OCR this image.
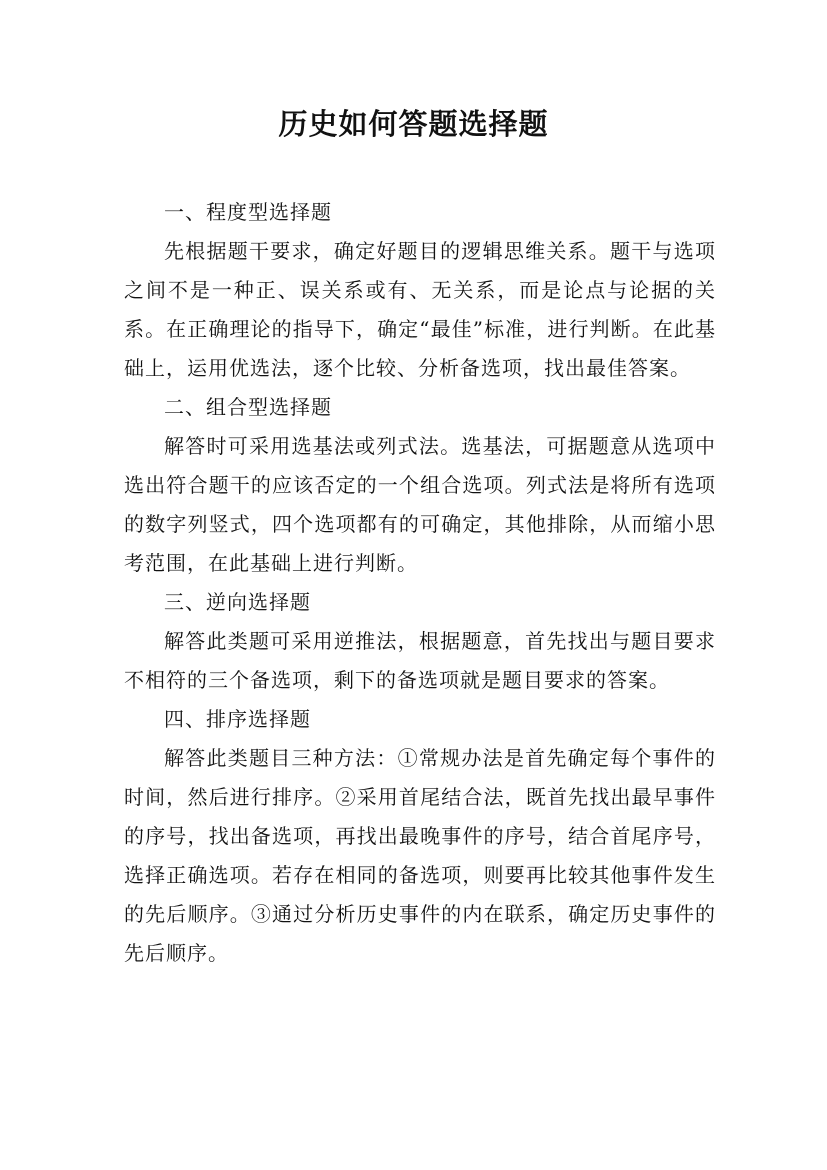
历史如何答题选择题

一、程度型选择题

先根据题干要求，确定好题目的逻辑思维关系。题干与选项之间不是一种正、误关系或有、无关系，而是论点与论据的关系。在正确理论的指导下，确定“最佳”标准，进行判断。在此基础上，运用优选法，逐个比较、分析备选项，找出最佳答案。

二、组合型选择题

解答时可采用选基法或列式法。选基法，可据题意从选项中选出符合题干的应该否定的一个组合选项。列式法是将所有选项的数字列竖式，四个选项都有的可确定，其他排除，从而缩小思考范围，在此基础上进行判断。

三、逆向选择题

解答此类题可采用逆推法，根据题意，首先找出与题目要求不相符的三个备选项，剩下的备选项就是题目要求的答案。

四、排序选择题

解答此类题目三种方法：①常规办法是首先确定每个事件的时间，然后进行排序。②采用首尾结合法，既首先找出最早事件的序号，找出备选项，再找出最晚事件的序号，结合首尾序号，选择正确选项。若存在相同的备选项，则要再比较其他事件发生的先后顺序。③通过分析历史事件的内在联系，确定历史事件的先后顺序。
